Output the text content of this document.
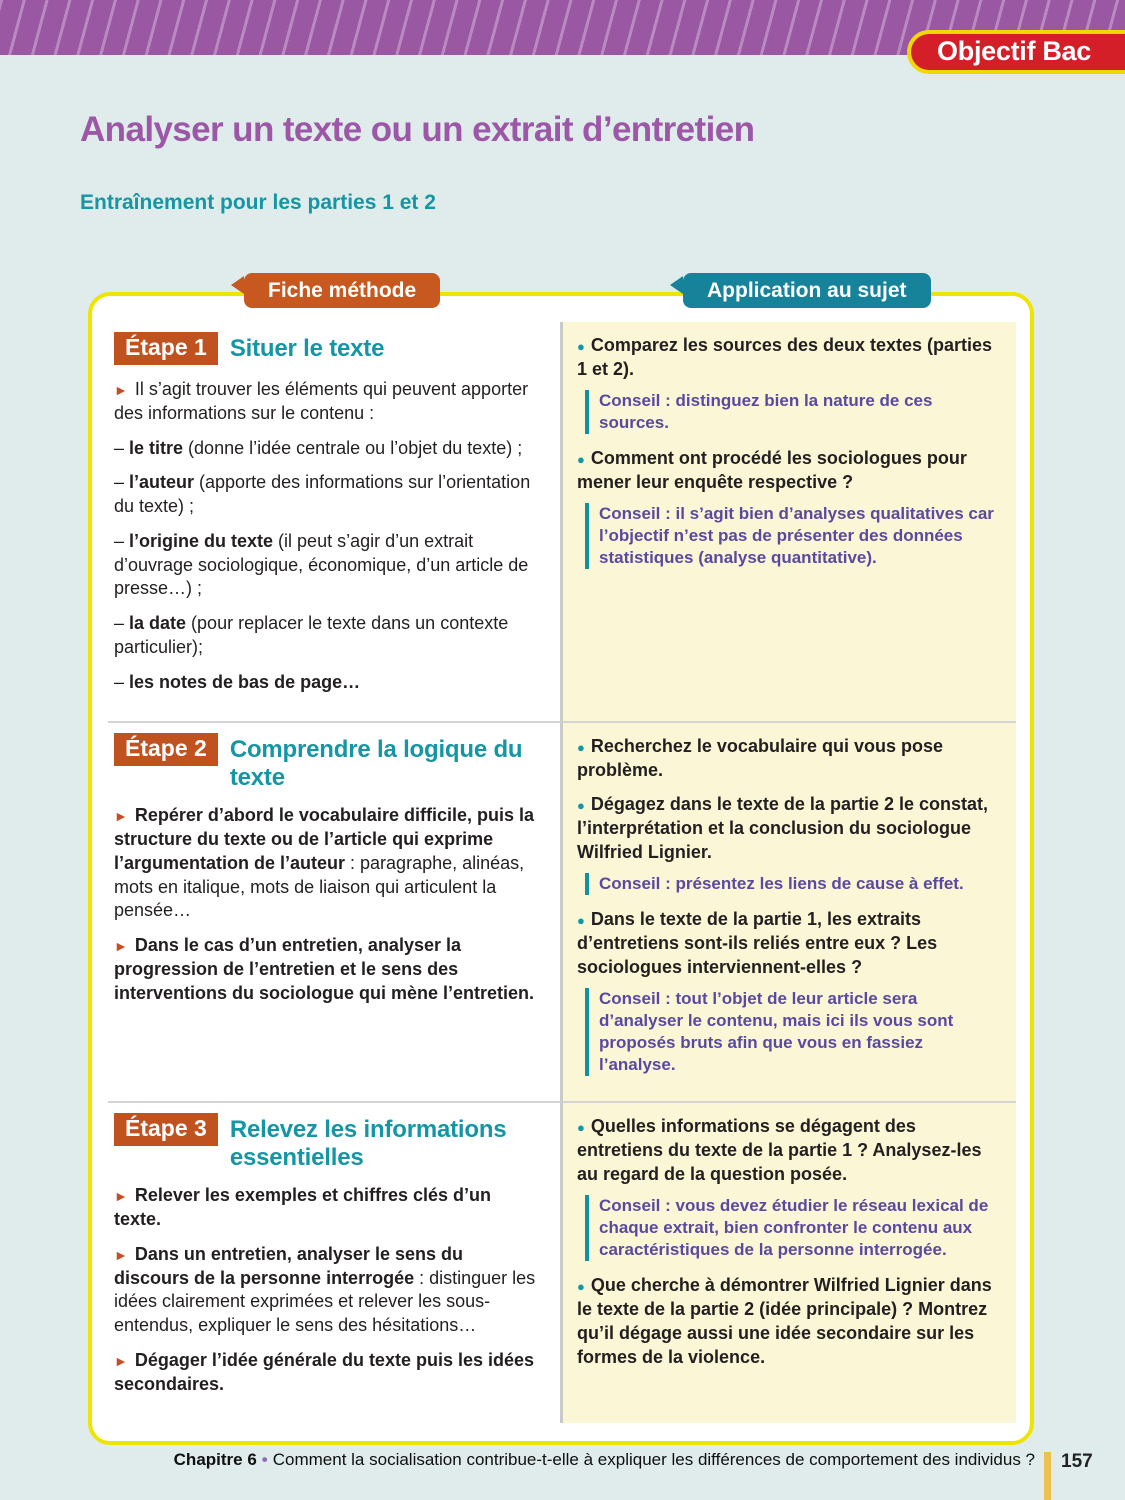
Objectif Bac
Analyser un texte ou un extrait d’entretien
Entraînement pour les parties 1 et 2
Fiche méthode	Application au sujet
Étape 1 Situer le texte
► Il s’agit trouver les éléments qui peuvent apporter des informations sur le contenu :
– le titre (donne l’idée centrale ou l’objet du texte) ;
– l’auteur (apporte des informations sur l’orientation du texte) ;
– l’origine du texte (il peut s’agir d’un extrait d’ouvrage sociologique, économique, d’un article de presse…) ;
– la date (pour replacer le texte dans un contexte particulier);
– les notes de bas de page…
● Comparez les sources des deux textes (parties 1 et 2).
Conseil : distinguez bien la nature de ces sources.
● Comment ont procédé les sociologues pour mener leur enquête respective ?
Conseil : il s’agit bien d’analyses qualitatives car l’objectif n’est pas de présenter des données statistiques (analyse quantitative).
Étape 2 Comprendre la logique du texte
► Repérer d’abord le vocabulaire difficile, puis la structure du texte ou de l’article qui exprime l’argumentation de l’auteur : paragraphe, alinéas, mots en italique, mots de liaison qui articulent la pensée…
► Dans le cas d’un entretien, analyser la progression de l’entretien et le sens des interventions du sociologue qui mène l’entretien.
● Recherchez le vocabulaire qui vous pose problème.
● Dégagez dans le texte de la partie 2 le constat, l’interprétation et la conclusion du sociologue Wilfried Lignier.
Conseil : présentez les liens de cause à effet.
● Dans le texte de la partie 1, les extraits d’entretiens sont-ils reliés entre eux ? Les sociologues interviennent-elles ?
Conseil : tout l’objet de leur article sera d’analyser le contenu, mais ici ils vous sont proposés bruts afin que vous en fassiez l’analyse.
Étape 3 Relevez les informations essentielles
► Relever les exemples et chiffres clés d’un texte.
► Dans un entretien, analyser le sens du discours de la personne interrogée : distinguer les idées clairement exprimées et relever les sous-entendus, expliquer le sens des hésitations…
► Dégager l’idée générale du texte puis les idées secondaires.
● Quelles informations se dégagent des entretiens du texte de la partie 1 ? Analysez-les au regard de la question posée.
Conseil : vous devez étudier le réseau lexical de chaque extrait, bien confronter le contenu aux caractéristiques de la personne interrogée.
● Que cherche à démontrer Wilfried Lignier dans le texte de la partie 2 (idée principale) ? Montrez qu’il dégage aussi une idée secondaire sur les formes de la violence.
Chapitre 6 • Comment la socialisation contribue-t-elle à expliquer les différences de comportement des individus ? 157
